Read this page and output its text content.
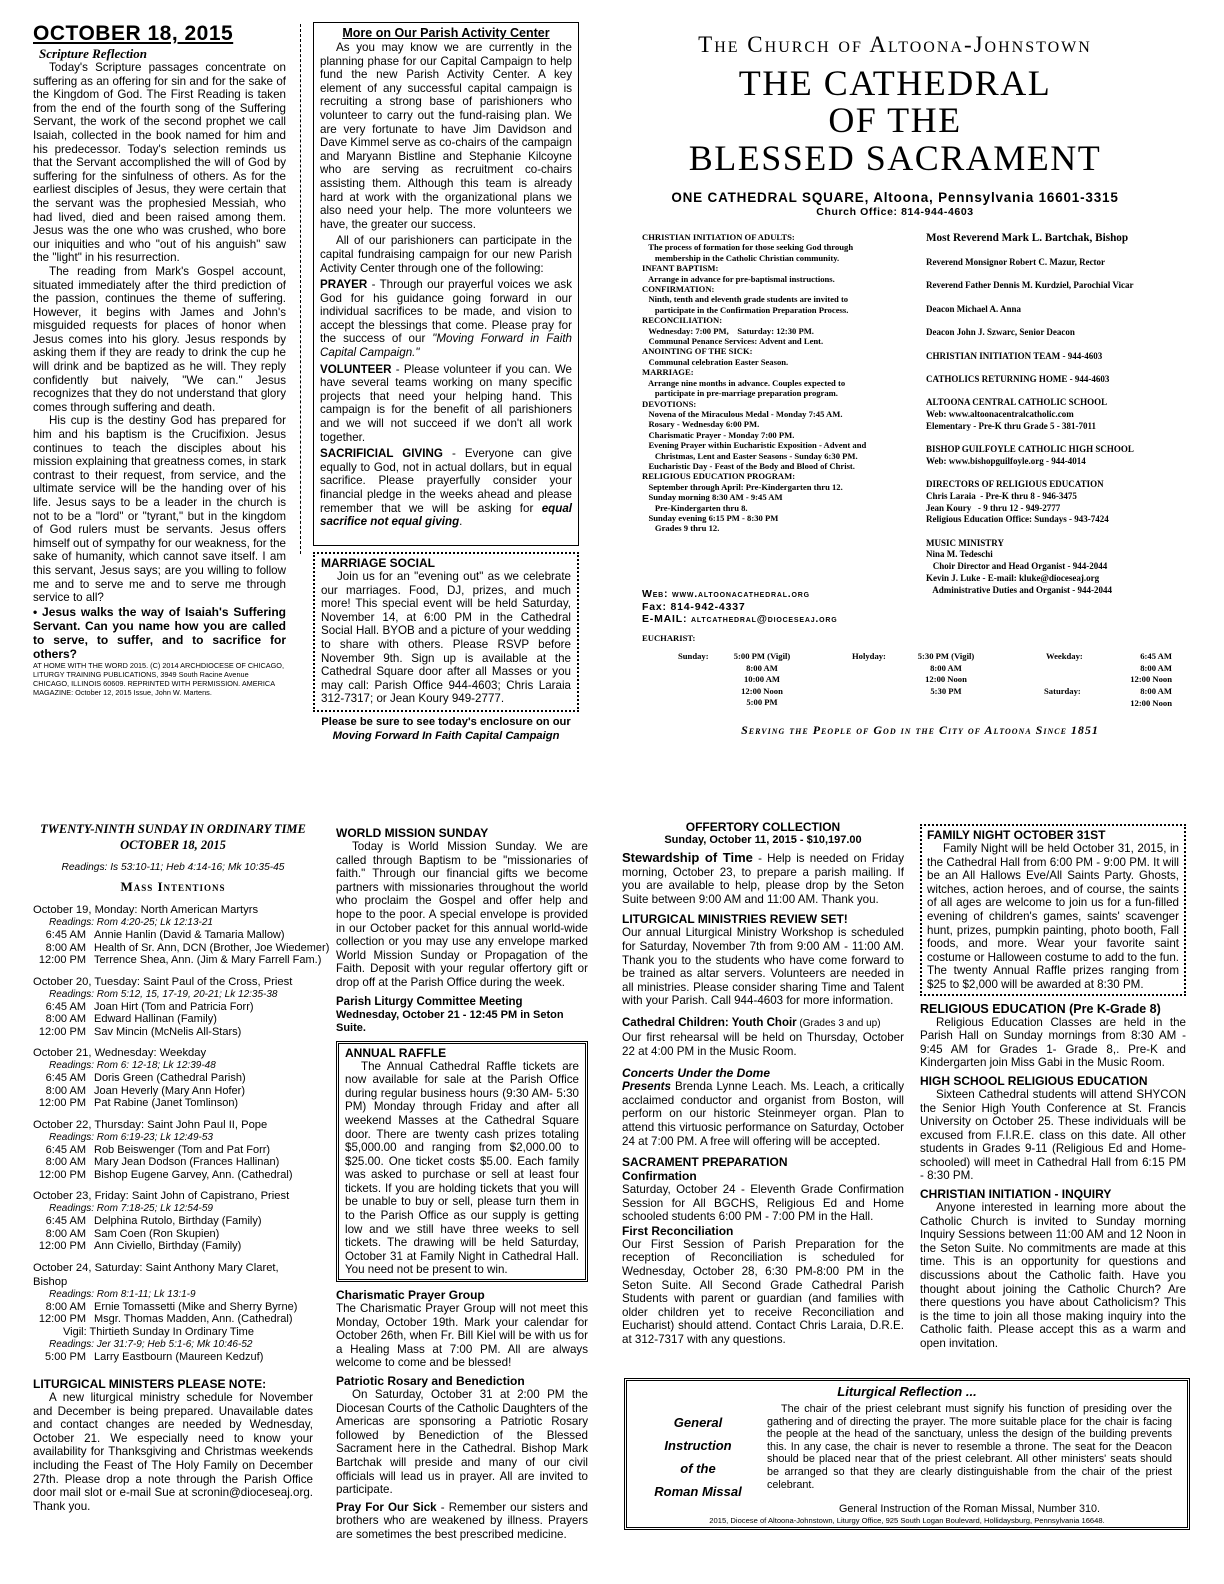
OCTOBER 18, 2015
Scripture Reflection

Today's Scripture passages concentrate on suffering as an offering for sin and for the sake of the Kingdom of God. The First Reading is taken from the end of the fourth song of the Suffering Servant, the work of the second prophet we call Isaiah, collected in the book named for him and his predecessor. Today's selection reminds us that the Servant accomplished the will of God by suffering for the sinfulness of others. As for the earliest disciples of Jesus, they were certain that the servant was the prophesied Messiah, who had lived, died and been raised among them. Jesus was the one who was crushed, who bore our iniquities and who "out of his anguish" saw the "light" in his resurrection.

The reading from Mark's Gospel account, situated immediately after the third prediction of the passion, continues the theme of suffering. However, it begins with James and John's misguided requests for places of honor when Jesus comes into his glory. Jesus responds by asking them if they are ready to drink the cup he will drink and be baptized as he will. They reply confidently but naively, "We can." Jesus recognizes that they do not understand that glory comes through suffering and death.

His cup is the destiny God has prepared for him and his baptism is the Crucifixion. Jesus continues to teach the disciples about his mission explaining that greatness comes, in stark contrast to their request, from service, and the ultimate service will be the handing over of his life. Jesus says to be a leader in the church is not to be a "lord" or "tyrant," but in the kingdom of God rulers must be servants. Jesus offers himself out of sympathy for our weakness, for the sake of humanity, which cannot save itself. I am this servant, Jesus says; are you willing to follow me and to serve me and to serve me through service to all?

• Jesus walks the way of Isaiah's Suffering Servant. Can you name how you are called to serve, to suffer, and to sacrifice for others?

AT HOME WITH THE WORD 2015. (C) 2014 ARCHDIOCESE OF CHICAGO, LITURGY TRAINING PUBLICATIONS, 3949 South Racine Avenue CHICAGO, ILLINOIS 60609. REPRINTED WITH PERMISSION. AMERICA MAGAZINE: October 12, 2015 Issue, John W. Martens.

More on Our Parish Activity Center

As you may know we are currently in the planning phase for our Capital Campaign to help fund the new Parish Activity Center. A key element of any successful capital campaign is recruiting a strong base of parishioners who volunteer to carry out the fund-raising plan. We are very fortunate to have Jim Davidson and Dave Kimmel serve as co-chairs of the campaign and Maryann Bistline and Stephanie Kilcoyne who are serving as recruitment co-chairs assisting them. Although this team is already hard at work with the organizational plans we also need your help. The more volunteers we have, the greater our success.

All of our parishioners can participate in the capital fundraising campaign for our new Parish Activity Center through one of the following:

PRAYER - Through our prayerful voices we ask God for his guidance going forward in our individual sacrifices to be made, and vision to accept the blessings that come. Please pray for the success of our "Moving Forward in Faith Capital Campaign."

VOLUNTEER - Please volunteer if you can. We have several teams working on many specific projects that need your helping hand. This campaign is for the benefit of all parishioners and we will not succeed if we don't all work together.

SACRIFICIAL GIVING - Everyone can give equally to God, not in actual dollars, but in equal sacrifice. Please prayerfully consider your financial pledge in the weeks ahead and please remember that we will be asking for equal sacrifice not equal giving.

MARRIAGE SOCIAL

Join us for an "evening out" as we celebrate our marriages. Food, DJ, prizes, and much more! This special event will be held Saturday, November 14, at 6:00 PM in the Cathedral Social Hall. BYOB and a picture of your wedding to share with others. Please RSVP before November 9th. Sign up is available at the Cathedral Square door after all Masses or you may call: Parish Office 944-4603; Chris Laraia 312-7317; or Jean Koury 949-2777.

Please be sure to see today's enclosure on our
Moving Forward In Faith Capital Campaign
The Church of Altoona-Johnstown
THE CATHEDRAL
OF THE
BLESSED SACRAMENT
ONE CATHEDRAL SQUARE, Altoona, Pennsylvania 16601-3315
Church Office: 814-944-4603
CHRISTIAN INITIATION OF ADULTS:
The process of formation for those seeking God through
membership in the Catholic Christian community.
INFANT BAPTISM:
Arrange in advance for pre-baptismal instructions.
CONFIRMATION:
Ninth, tenth and eleventh grade students are invited to
participate in the Confirmation Preparation Process.
RECONCILIATION:
Wednesday: 7:00 PM,    Saturday: 12:30 PM.
Communal Penance Services: Advent and Lent.
ANOINTING OF THE SICK:
Communal celebration Easter Season.
MARRIAGE:
Arrange nine months in advance. Couples expected to
participate in pre-marriage preparation program.
DEVOTIONS:
Novena of the Miraculous Medal - Monday 7:45 AM.
Rosary - Wednesday 6:00 PM.
Charismatic Prayer - Monday 7:00 PM.
Evening Prayer within Eucharistic Exposition - Advent and
Christmas, Lent and Easter Seasons - Sunday 6:30 PM.
Eucharistic Day - Feast of the Body and Blood of Christ.
RELIGIOUS EDUCATION PROGRAM:
September through April: Pre-Kindergarten thru 12.
Sunday morning 8:30 AM - 9:45 AM
Pre-Kindergarten thru 8.
Sunday evening 6:15 PM - 8:30 PM
Grades 9 thru 12.
Web: www.altoonacathedral.org
Fax: 814-942-4337
E-MAIL: altcathedral@dioceseaj.org
Most Reverend Mark L. Bartchak, Bishop
Reverend Monsignor Robert C. Mazur, Rector
Reverend Father Dennis M. Kurdziel, Parochial Vicar
Deacon Michael A. Anna
Deacon John J. Szwarc, Senior Deacon
CHRISTIAN INITIATION TEAM - 944-4603
CATHOLICS RETURNING HOME - 944-4603
ALTOONA CENTRAL CATHOLIC SCHOOL
Web: www.altoonacentralcatholic.com
Elementary - Pre-K thru Grade 5 - 381-7011
BISHOP GUILFOYLE CATHOLIC HIGH SCHOOL
Web: www.bishopguilfoyle.org - 944-4014
DIRECTORS OF RELIGIOUS EDUCATION
Chris Laraia  - Pre-K thru 8 - 946-3475
Jean Koury   - 9 thru 12 - 949-2777
Religious Education Office: Sundays - 943-7424
MUSIC MINISTRY
Nina M. Tedeschi
Choir Director and Head Organist - 944-2044
Kevin J. Luke - E-mail: kluke@dioceseaj.org
Administrative Duties and Organist - 944-2044
EUCHARIST:
Sunday:	5:00 PM (Vigil)
8:00 AM
10:00 AM
12:00 Noon
5:00 PM
Holyday:	5:30 PM (Vigil)
8:00 AM
12:00 Noon
5:30 PM
Weekday:
Saturday:
6:45 AM
8:00 AM
12:00 Noon
8:00 AM
12:00 Noon
Serving the People of God in the City of Altoona Since 1851
TWENTY-NINTH SUNDAY IN ORDINARY TIME
OCTOBER 18, 2015
Readings: Is 53:10-11; Heb 4:14-16; Mk 10:35-45
Mass Intentions
October 19, Monday: North American Martyrs
Readings: Rom 4:20-25; Lk 12:13-21
6:45 AM Annie Hanlin (David & Tamaria Mallow)
8:00 AM Health of Sr. Ann, DCN (Brother, Joe Wiedemer)
12:00 PM Terrence Shea, Ann. (Jim & Mary Farrell Fam.)
October 20, Tuesday: Saint Paul of the Cross, Priest
Readings: Rom 5:12, 15, 17-19, 20-21; Lk 12:35-38
6:45 AM Joan Hirt (Tom and Patricia Forr)
8:00 AM Edward Hallinan (Family)
12:00 PM Sav Mincin (McNelis All-Stars)
October 21, Wednesday: Weekday
Readings: Rom 6: 12-18; Lk 12:39-48
6:45 AM Doris Green (Cathedral Parish)
8:00 AM Joan Heverly (Mary Ann Hofer)
12:00 PM Pat Rabine (Janet Tomlinson)
October 22, Thursday: Saint John Paul II, Pope
Readings: Rom 6:19-23; Lk 12:49-53
6:45 AM Rob Beiswenger (Tom and Pat Forr)
8:00 AM Mary Jean Dodson (Frances Hallinan)
12:00 PM Bishop Eugene Garvey, Ann. (Cathedral)
October 23, Friday: Saint John of Capistrano, Priest
Readings: Rom 7:18-25; Lk 12:54-59
6:45 AM Delphina Rutolo, Birthday (Family)
8:00 AM Sam Coen (Ron Skupien)
12:00 PM Ann Civiello, Birthday (Family)
October 24, Saturday: Saint Anthony Mary Claret, Bishop
Readings: Rom 8:1-11; Lk 13:1-9
8:00 AM Ernie Tomassetti (Mike and Sherry Byrne)
12:00 PM Msgr. Thomas Madden, Ann. (Cathedral)
Vigil: Thirtieth Sunday In Ordinary Time
Readings: Jer 31:7-9; Heb 5:1-6; Mk 10:46-52
5:00 PM Larry Eastbourn (Maureen Kedzuf)
LITURGICAL MINISTERS PLEASE NOTE:

A new liturgical ministry schedule for November and December is being prepared. Unavailable dates and contact changes are needed by Wednesday, October 21. We especially need to know your availability for Thanksgiving and Christmas weekends including the Feast of The Holy Family on December 27th. Please drop a note through the Parish Office door mail slot or e-mail Sue at scronin@dioceseaj.org. Thank you.

WORLD MISSION SUNDAY

Today is World Mission Sunday. We are called through Baptism to be "missionaries of faith." Through our financial gifts we become partners with missionaries throughout the world who proclaim the Gospel and offer help and hope to the poor. A special envelope is provided in our October packet for this annual world-wide collection or you may use any envelope marked World Mission Sunday or Propagation of the Faith. Deposit with your regular offertory gift or drop off at the Parish Office during the week.

Parish Liturgy Committee Meeting
Wednesday, October 21 - 12:45 PM in Seton Suite.
ANNUAL RAFFLE

The Annual Cathedral Raffle tickets are now available for sale at the Parish Office during regular business hours (9:30 AM- 5:30 PM) Monday through Friday and after all weekend Masses at the Cathedral Square door. There are twenty cash prizes totaling $5,000.00 and ranging from $2,000.00 to $25.00. One ticket costs $5.00. Each family was asked to purchase or sell at least four tickets. If you are holding tickets that you will be unable to buy or sell, please turn them in to the Parish Office as our supply is getting low and we still have three weeks to sell tickets. The drawing will be held Saturday, October 31 at Family Night in Cathedral Hall. You need not be present to win.

Charismatic Prayer Group

The Charismatic Prayer Group will not meet this Monday, October 19th. Mark your calendar for October 26th, when Fr. Bill Kiel will be with us for a Healing Mass at 7:00 PM. All are always welcome to come and be blessed!

Patriotic Rosary and Benediction

On Saturday, October 31 at 2:00 PM the Diocesan Courts of the Catholic Daughters of the Americas are sponsoring a Patriotic Rosary followed by Benediction of the Blessed Sacrament here in the Cathedral. Bishop Mark Bartchak will preside and many of our civil officials will lead us in prayer. All are invited to participate.

Pray For Our Sick - Remember our sisters and brothers who are weakened by illness. Prayers are sometimes the best prescribed medicine.

OFFERTORY COLLECTION
Sunday, October 11, 2015 - $10,197.00

Stewardship of Time - Help is needed on Friday morning, October 23, to prepare a parish mailing. If you are available to help, please drop by the Seton Suite between 9:00 AM and 11:00 AM. Thank you.

LITURGICAL MINISTRIES REVIEW SET!

Our annual Liturgical Ministry Workshop is scheduled for Saturday, November 7th from 9:00 AM - 11:00 AM. Thank you to the students who have come forward to be trained as altar servers. Volunteers are needed in all ministries. Please consider sharing Time and Talent with your Parish. Call 944-4603 for more information.

Cathedral Children: Youth Choir (Grades 3 and up)

Our first rehearsal will be held on Thursday, October 22 at 4:00 PM in the Music Room.

Concerts Under the Dome

Presents Brenda Lynne Leach. Ms. Leach, a critically acclaimed conductor and organist from Boston, will perform on our historic Steinmeyer organ. Plan to attend this virtuosic performance on Saturday, October 24 at 7:00 PM. A free will offering will be accepted.

SACRAMENT PREPARATION
Confirmation

Saturday, October 24 - Eleventh Grade Confirmation Session for All BGCHS, Religious Ed and Home schooled students 6:00 PM - 7:00 PM in the Hall.

First Reconciliation

Our First Session of Parish Preparation for the reception of Reconciliation is scheduled for Wednesday, October 28, 6:30 PM-8:00 PM in the Seton Suite. All Second Grade Cathedral Parish Students with parent or guardian (and families with older children yet to receive Reconciliation and Eucharist) should attend. Contact Chris Laraia, D.R.E. at 312-7317 with any questions.

FAMILY NIGHT OCTOBER 31ST

Family Night will be held October 31, 2015, in the Cathedral Hall from 6:00 PM - 9:00 PM. It will be an All Hallows Eve/All Saints Party. Ghosts, witches, action heroes, and of course, the saints of all ages are welcome to join us for a fun-filled evening of children's games, saints' scavenger hunt, prizes, pumpkin painting, photo booth, Fall foods, and more. Wear your favorite saint costume or Halloween costume to add to the fun. The twenty Annual Raffle prizes ranging from $25 to $2,000 will be awarded at 8:30 PM.

RELIGIOUS EDUCATION (Pre K-Grade 8)

Religious Education Classes are held in the Parish Hall on Sunday mornings from 8:30 AM - 9:45 AM for Grades 1- Grade 8,. Pre-K and Kindergarten join Miss Gabi in the Music Room.

HIGH SCHOOL RELIGIOUS EDUCATION

Sixteen Cathedral students will attend SHYCON the Senior High Youth Conference at St. Francis University on October 25. These individuals will be excused from F.I.R.E. class on this date. All other students in Grades 9-11 (Religious Ed and Home-schooled) will meet in Cathedral Hall from 6:15 PM - 8:30 PM.

CHRISTIAN INITIATION - INQUIRY

Anyone interested in learning more about the Catholic Church is invited to Sunday morning Inquiry Sessions between 11:00 AM and 12 Noon in the Seton Suite. No commitments are made at this time. This is an opportunity for questions and discussions about the Catholic faith. Have you thought about joining the Catholic Church? Are there questions you have about Catholicism? This is the time to join all those making inquiry into the Catholic faith. Please accept this as a warm and open invitation.

Liturgical Reflection ...
General
Instruction
of the
Roman Missal

The chair of the priest celebrant must signify his function of presiding over the gathering and of directing the prayer. The more suitable place for the chair is facing the people at the head of the sanctuary, unless the design of the building prevents this. In any case, the chair is never to resemble a throne. The seat for the Deacon should be placed near that of the priest celebrant. All other ministers' seats should be arranged so that they are clearly distinguishable from the chair of the priest celebrant.

General Instruction of the Roman Missal, Number 310.
2015, Diocese of Altoona-Johnstown, Liturgy Office, 925 South Logan Boulevard, Hollidaysburg, Pennsylvania 16648.
